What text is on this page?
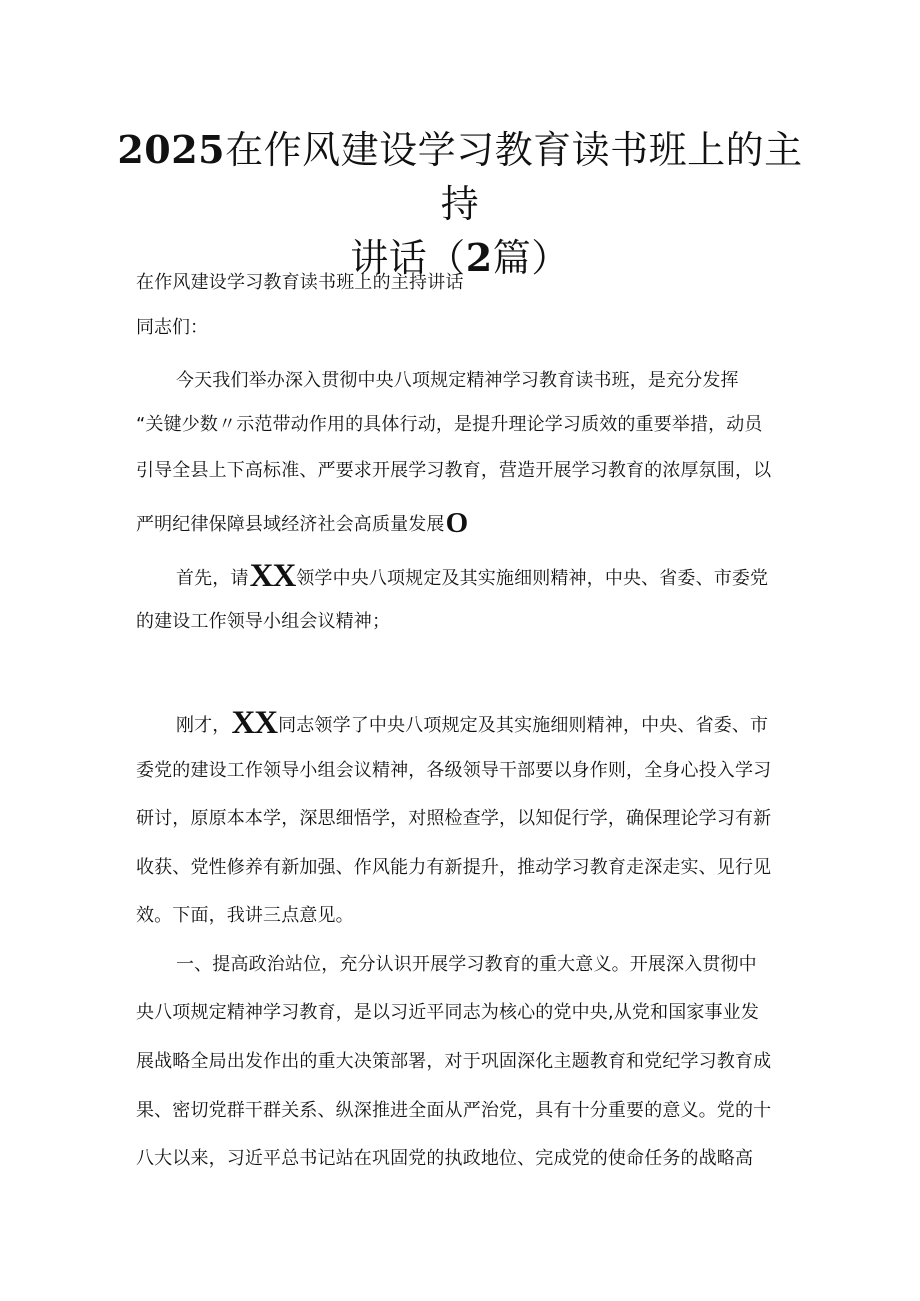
2025在作风建设学习教育读书班上的主持
讲话（2篇）
在作风建设学习教育读书班上的主持讲话
同志们：
今天我们举办深入贯彻中央八项规定精神学习教育读书班，是充分发挥
“关键少数〃示范带动作用的具体行动，是提升理论学习质效的重要举措，动员
引导全县上下高标准、严要求开展学习教育，营造开展学习教育的浓厚氛围，以
严明纪律保障县域经济社会高质量发展O
首先，请XX领学中央八项规定及其实施细则精神，中央、省委、市委党
的建设工作领导小组会议精神；
刚才，XX同志领学了中央八项规定及其实施细则精神，中央、省委、市
委党的建设工作领导小组会议精神，各级领导干部要以身作则，全身心投入学习
研讨，原原本本学，深思细悟学，对照检查学，以知促行学，确保理论学习有新
收获、党性修养有新加强、作风能力有新提升，推动学习教育走深走实、见行见
效。下面，我讲三点意见。
一、提高政治站位，充分认识开展学习教育的重大意义。开展深入贯彻中
央八项规定精神学习教育，是以习近平同志为核心的党中央,从党和国家事业发
展战略全局出发作出的重大决策部署，对于巩固深化主题教育和党纪学习教育成
果、密切党群干群关系、纵深推进全面从严治党，具有十分重要的意义。党的十
八大以来，习近平总书记站在巩固党的执政地位、完成党的使命任务的战略高
